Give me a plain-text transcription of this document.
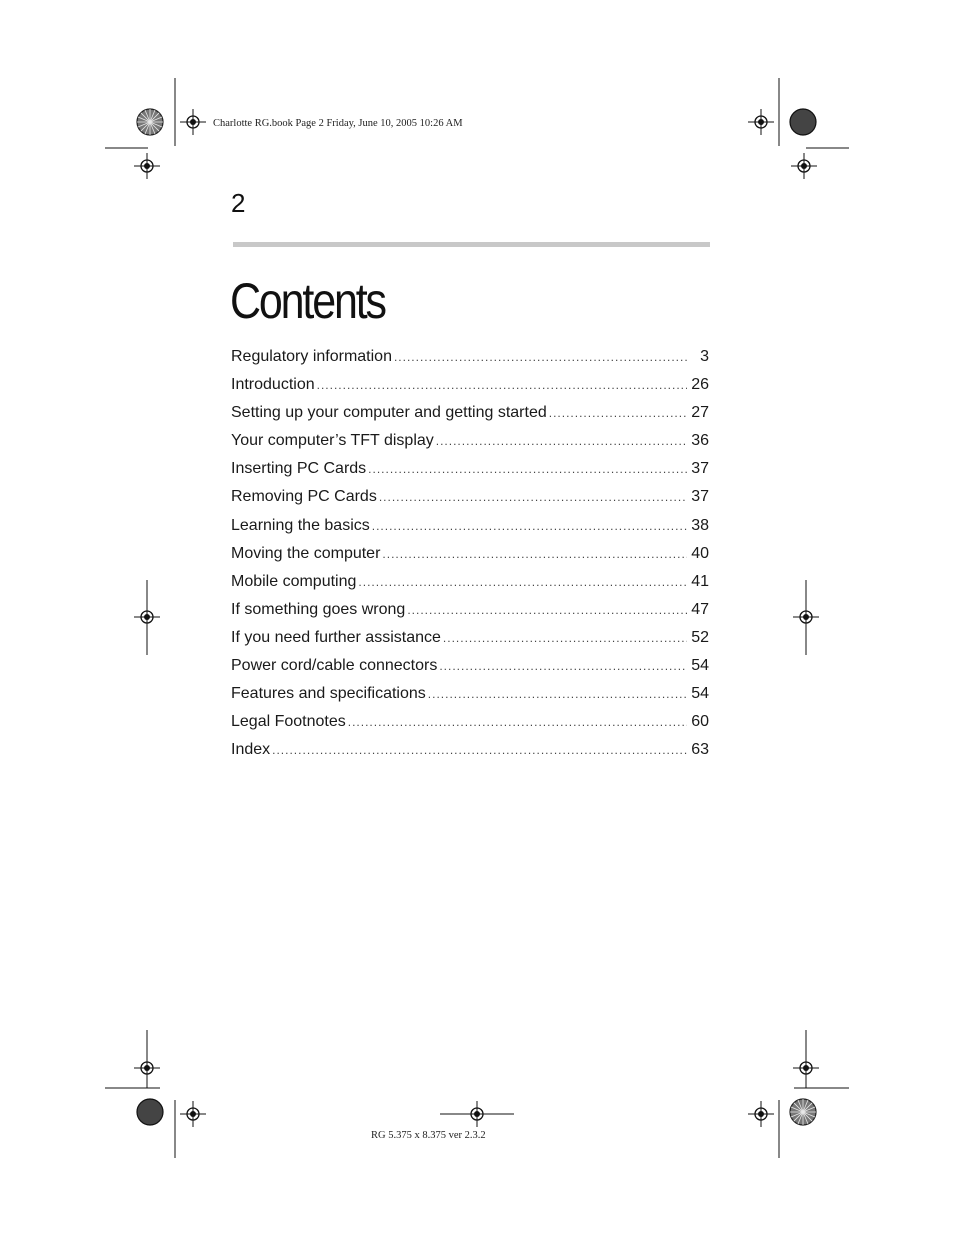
Charlotte RG.book Page 2 Friday, June 10, 2005 10:26 AM
2
Contents
Regulatory information .....	3
Introduction .....	26
Setting up your computer and getting started .....	27
Your computer’s TFT display .....	36
Inserting PC Cards .....	37
Removing PC Cards .....	37
Learning the basics .....	38
Moving the computer .....	40
Mobile computing .....	41
If something goes wrong .....	47
If you need further assistance .....	52
Power cord/cable connectors .....	54
Features and specifications .....	54
Legal Footnotes .....	60
Index .....	63
RG 5.375 x 8.375 ver 2.3.2
